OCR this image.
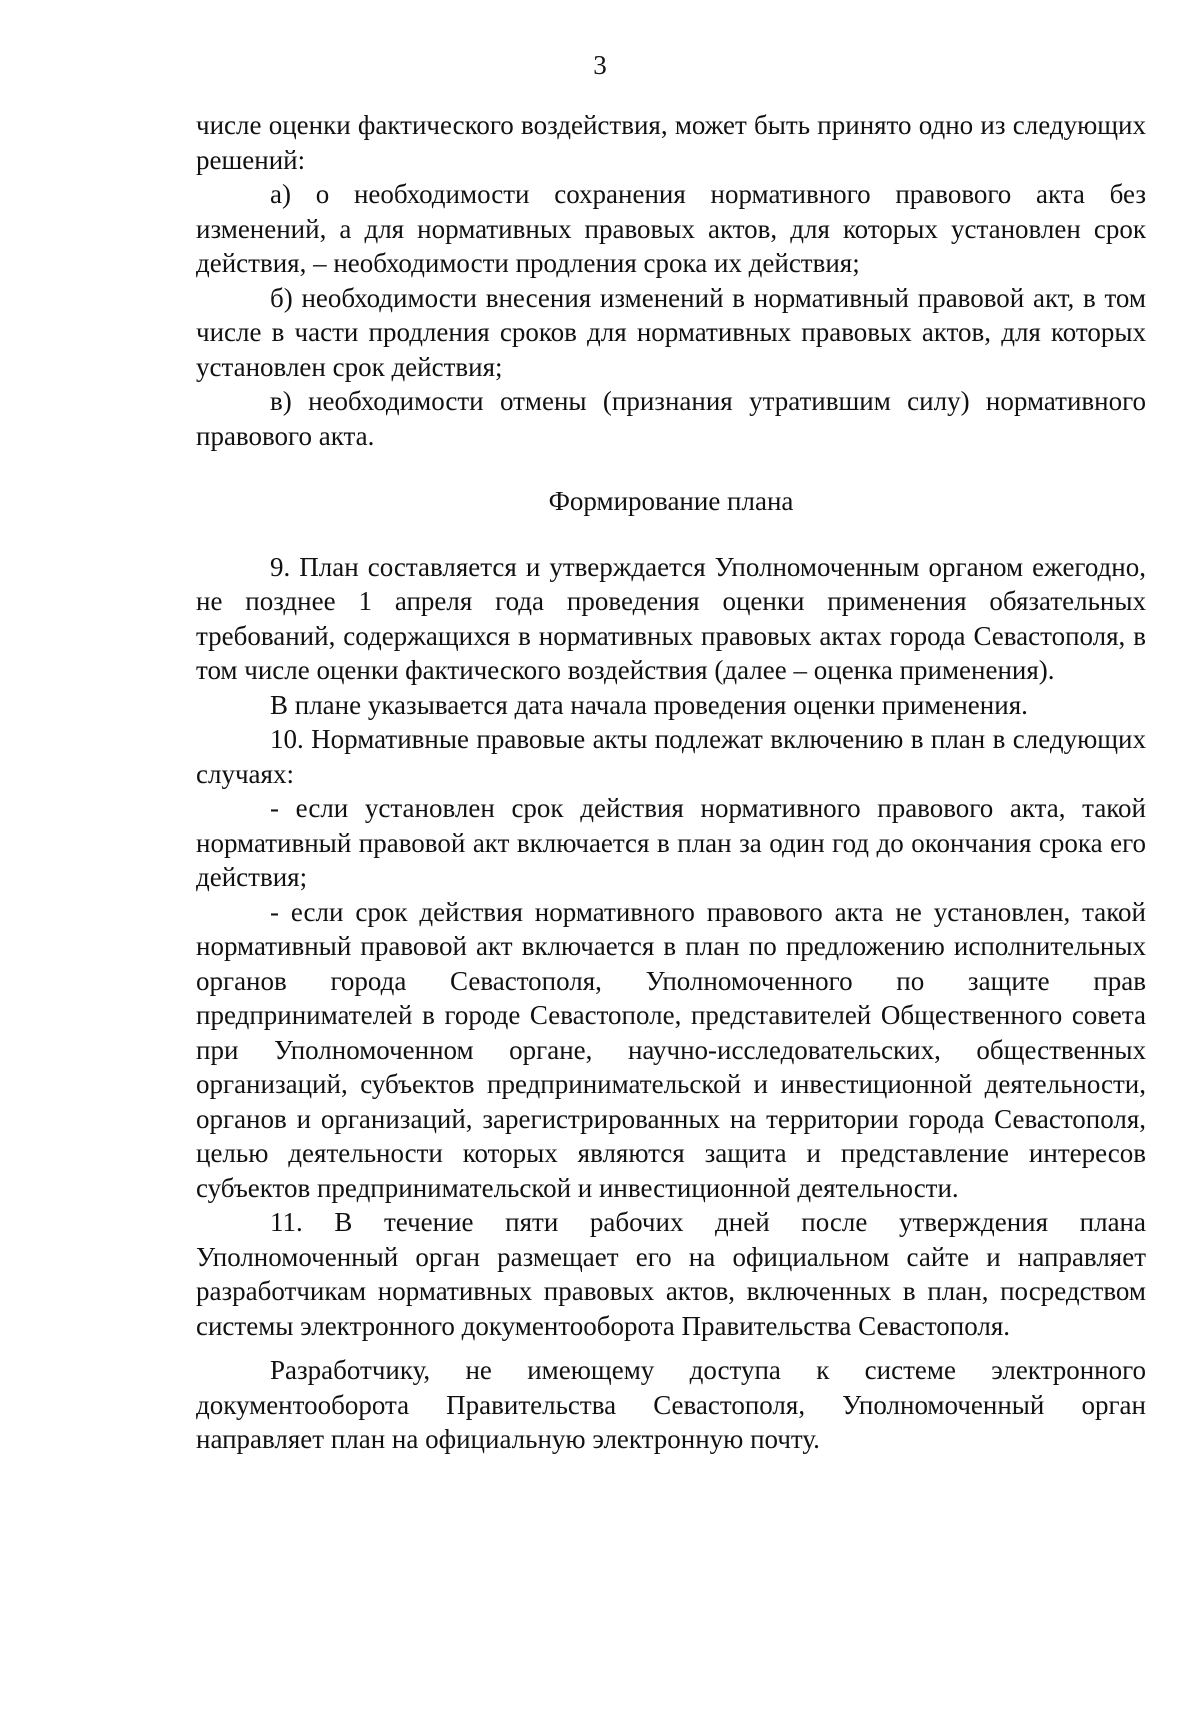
3

числе оценки фактического воздействия, может быть принято одно из следующих решений:

а) о необходимости сохранения нормативного правового акта без изменений, а для нормативных правовых актов, для которых установлен срок действия, – необходимости продления срока их действия;

б) необходимости внесения изменений в нормативный правовой акт, в том числе в части продления сроков для нормативных правовых актов, для которых установлен срок действия;

в) необходимости отмены (признания утратившим силу) нормативного правового акта.

Формирование плана

9. План составляется и утверждается Уполномоченным органом ежегодно, не позднее 1 апреля года проведения оценки применения обязательных требований, содержащихся в нормативных правовых актах города Севастополя, в том числе оценки фактического воздействия (далее – оценка применения).

В плане указывается дата начала проведения оценки применения.

10. Нормативные правовые акты подлежат включению в план в следующих случаях:

- если установлен срок действия нормативного правового акта, такой нормативный правовой акт включается в план за один год до окончания срока его действия;

- если срок действия нормативного правового акта не установлен, такой нормативный правовой акт включается в план по предложению исполнительных органов города Севастополя, Уполномоченного по защите прав предпринимателей в городе Севастополе, представителей Общественного совета при Уполномоченном органе, научно-исследовательских, общественных организаций, субъектов предпринимательской и инвестиционной деятельности, органов и организаций, зарегистрированных на территории города Севастополя, целью деятельности которых являются защита и представление интересов субъектов предпринимательской и инвестиционной деятельности.

11. В течение пяти рабочих дней после утверждения плана Уполномоченный орган размещает его на официальном сайте и направляет разработчикам нормативных правовых актов, включенных в план, посредством системы электронного документооборота Правительства Севастополя.

Разработчику, не имеющему доступа к системе электронного документооборота Правительства Севастополя, Уполномоченный орган направляет план на официальную электронную почту.
